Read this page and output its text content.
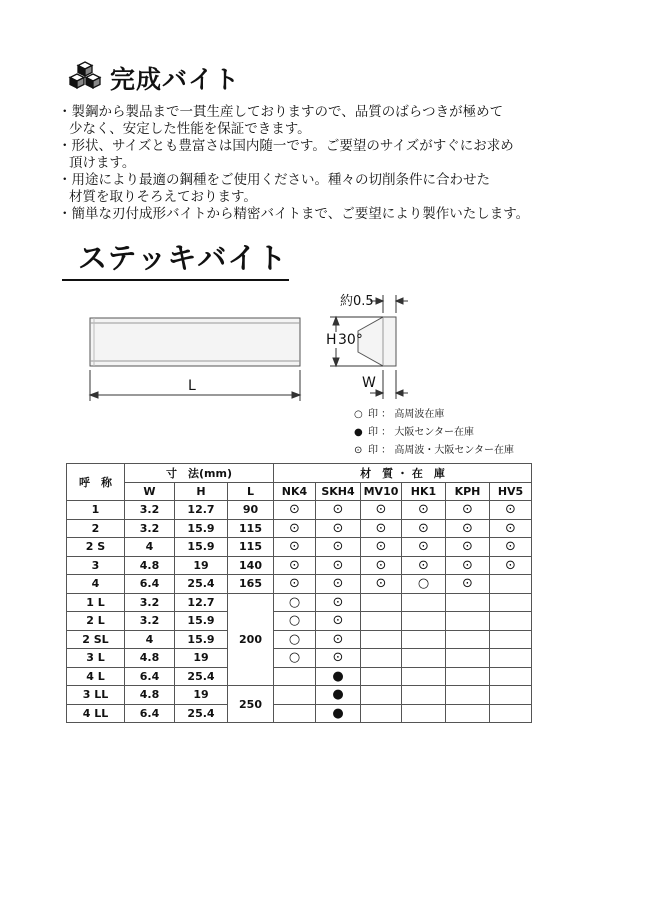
完成バイト

・製鋼から製品まで一貫生産しておりますので、品質のばらつきが極めて

少なく、安定した性能を保証できます。

・形状、サイズとも豊富さは国内随一です。ご要望のサイズがすぐにお求め

頂けます。

・用途により最適の鋼種をご使用ください。種々の切削条件に合わせた

材質を取りそろえております。

・簡単な刃付成形バイトから精密バイトまで、ご要望により製作いたします。

ステッキバイト
L
H 30°
約0.5
W
○ 印 ： 高周波在庫
● 印 ： 大阪センター在庫
⊙ 印 ： 高周波・大阪センター在庫
呼　称	寸　法(mm)			材　質 ・ 在　庫					
	W	H	L	NK4	SKH4	MV10	HK1	KPH	HV5
1	3.2	12.7	90	⊙	⊙	⊙	⊙	⊙	⊙
2	3.2	15.9	115	⊙	⊙	⊙	⊙	⊙	⊙
2 S	4	15.9	115	⊙	⊙	⊙	⊙	⊙	⊙
3	4.8	19	140	⊙	⊙	⊙	⊙	⊙	⊙
4	6.4	25.4	165	⊙	⊙	⊙	○	⊙	
1 L	3.2	12.7	200	○	⊙				
2 L	3.2	15.9		○	⊙				
2 SL	4	15.9		○	⊙				
3 L	4.8	19		○	⊙				
4 L	6.4	25.4			●				
3 LL	4.8	19	250		●				
4 LL	6.4	25.4			●				
